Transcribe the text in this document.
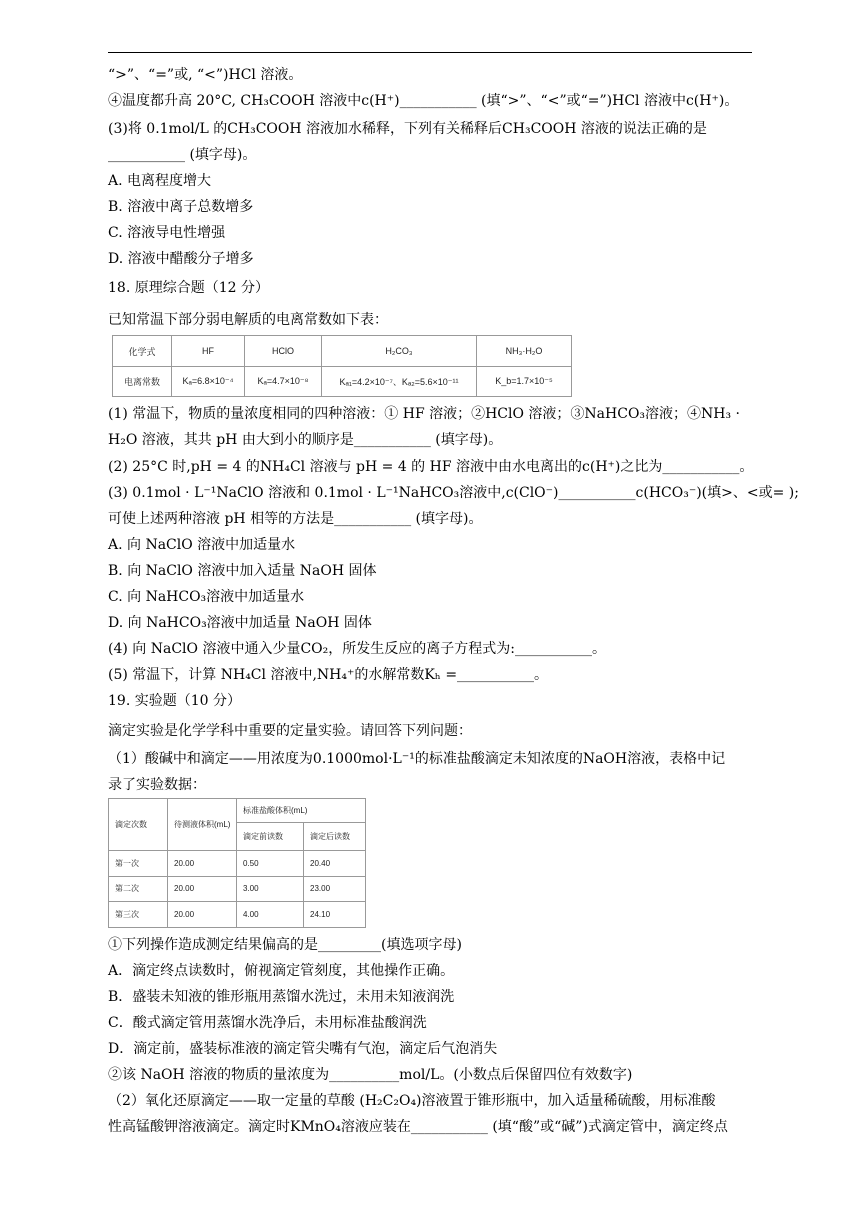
“>”、“=”或, “<”)HCl 溶液。
④温度都升高 20°C, CH₃COOH 溶液中c(H⁺)___________ (填“>”、“<”或“=”)HCl 溶液中c(H⁺)。
(3)将 0.1mol/L 的CH₃COOH 溶液加水稀释，下列有关稀释后CH₃COOH 溶液的说法正确的是
___________ (填字母)。
A. 电离程度增大
B. 溶液中离子总数增多
C. 溶液导电性增强
D. 溶液中醋酸分子增多
18. 原理综合题（12 分）
已知常温下部分弱电解质的电离常数如下表：
(1) 常温下，物质的量浓度相同的四种溶液：① HF 溶液；②HClO 溶液；③NaHCO₃溶液；④NH₃ ·
H₂O 溶液，其共 pH 由大到小的顺序是___________ (填字母)。
(2) 25°C 时,pH = 4 的NH₄Cl 溶液与 pH = 4 的 HF 溶液中由水电离出的c(H⁺)之比为___________。
(3) 0.1mol · L⁻¹NaClO 溶液和 0.1mol · L⁻¹NaHCO₃溶液中,c(ClO⁻)___________c(HCO₃⁻)(填>、<或= );
可使上述两种溶液 pH 相等的方法是___________ (填字母)。
A. 向 NaClO 溶液中加适量水
B. 向 NaClO 溶液中加入适量 NaOH 固体
C. 向 NaHCO₃溶液中加适量水
D. 向 NaHCO₃溶液中加适量 NaOH 固体
(4) 向 NaClO 溶液中通入少量CO₂，所发生反应的离子方程式为:___________。
(5) 常温下，计算 NH₄Cl 溶液中,NH₄⁺的水解常数Kₕ =___________。
19. 实验题（10 分）
滴定实验是化学学科中重要的定量实验。请回答下列问题：
（1）酸碱中和滴定——用浓度为0.1000mol·L⁻¹的标准盐酸滴定未知浓度的NaOH溶液，表格中记
录了实验数据：
①下列操作造成测定结果偏高的是_________(填选项字母)
A．滴定终点读数时，俯视滴定管刻度，其他操作正确。
B．盛装未知液的锥形瓶用蒸馏水洗过，未用未知液润洗
C．酸式滴定管用蒸馏水洗净后，未用标准盐酸润洗
D．滴定前，盛装标准液的滴定管尖嘴有气泡，滴定后气泡消失
②该 NaOH 溶液的物质的量浓度为__________mol/L。(小数点后保留四位有效数字)
（2）氧化还原滴定——取一定量的草酸 (H₂C₂O₄)溶液置于锥形瓶中，加入适量稀硫酸，用标准酸
性高锰酸钾溶液滴定。滴定时KMnO₄溶液应装在___________ (填“酸”或“碱”)式滴定管中，滴定终点
化学式	HF	HClO	H₂CO₃	NH₃·H₂O
电离常数	Kₐ=6.8×10⁻⁴	Kₐ=4.7×10⁻⁸	Kₐ₁=4.2×10⁻⁷、Kₐ₂=5.6×10⁻¹¹	K_b=1.7×10⁻⁵
滴定次数	待测液体积(mL)	标准盐酸体积(mL)	
		滴定前读数	滴定后读数
第一次	20.00	0.50	20.40
第二次	20.00	3.00	23.00
第三次	20.00	4.00	24.10
